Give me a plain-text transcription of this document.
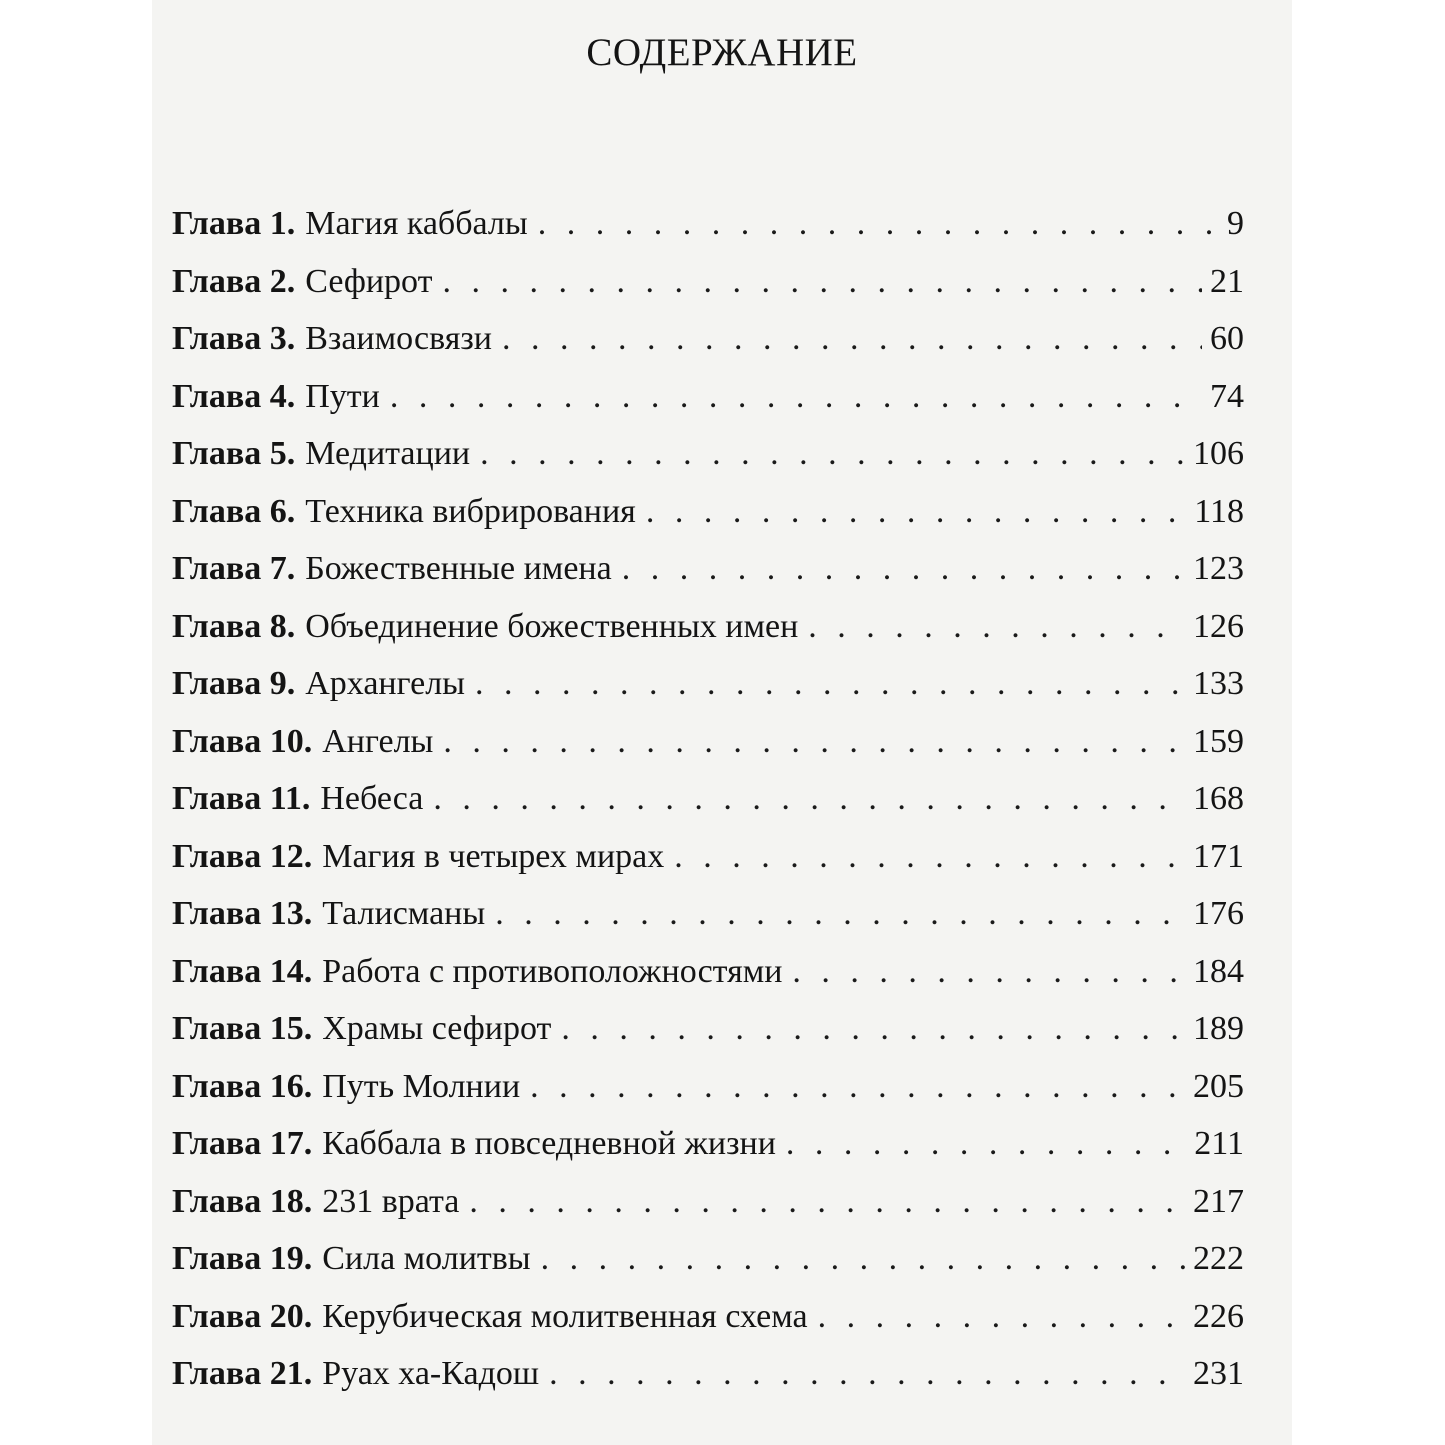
СОДЕРЖАНИЕ
Глава 1. Магия каббалы . . .	9
Глава 2. Сефирот . . .	21
Глава 3. Взаимосвязи . . .	60
Глава 4. Пути . . .	74
Глава 5. Медитации . . .	106
Глава 6. Техника вибрирования . . .	118
Глава 7. Божественные имена . . .	123
Глава 8. Объединение божественных имен . . .	126
Глава 9. Архангелы . . .	133
Глава 10. Ангелы . . .	159
Глава 11. Небеса . . .	168
Глава 12. Магия в четырех мирах . . .	171
Глава 13. Талисманы . . .	176
Глава 14. Работа с противоположностями . . .	184
Глава 15. Храмы сефирот . . .	189
Глава 16. Путь Молнии . . .	205
Глава 17. Каббала в повседневной жизни . . .	211
Глава 18. 231 врата . . .	217
Глава 19. Сила молитвы . . .	222
Глава 20. Керубическая молитвенная схема . . .	226
Глава 21. Руах ха-Кадош . . .	231
